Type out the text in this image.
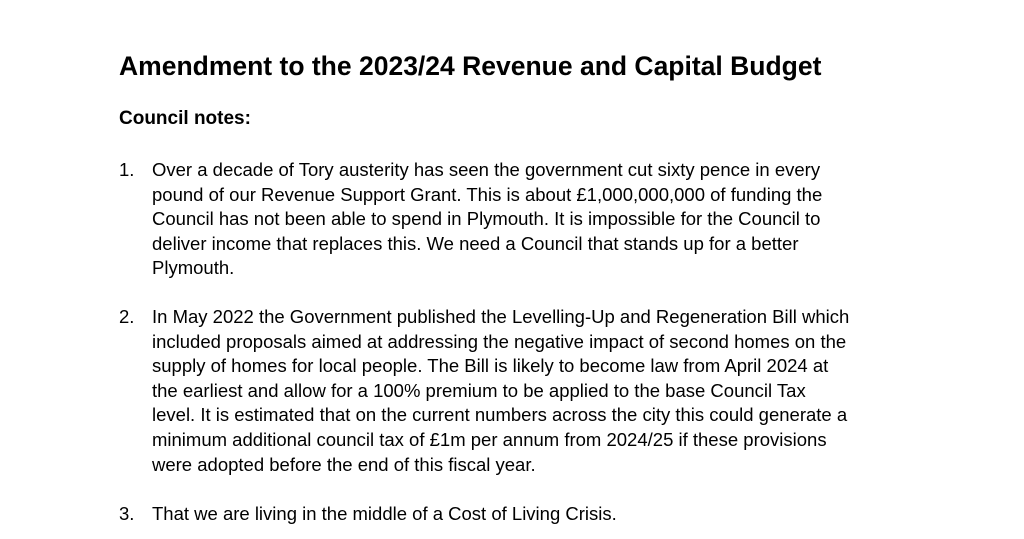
Amendment to the 2023/24 Revenue and Capital Budget
Council notes:
1. Over a decade of Tory austerity has seen the government cut sixty pence in every
pound of our Revenue Support Grant. This is about £1,000,000,000 of funding the
Council has not been able to spend in Plymouth. It is impossible for the Council to
deliver income that replaces this. We need a Council that stands up for a better
Plymouth.
2. In May 2022 the Government published the Levelling-Up and Regeneration Bill which
included proposals aimed at addressing the negative impact of second homes on the
supply of homes for local people. The Bill is likely to become law from April 2024 at
the earliest and allow for a 100% premium to be applied to the base Council Tax
level. It is estimated that on the current numbers across the city this could generate a
minimum additional council tax of £1m per annum from 2024/25 if these provisions
were adopted before the end of this fiscal year.
3. That we are living in the middle of a Cost of Living Crisis.
